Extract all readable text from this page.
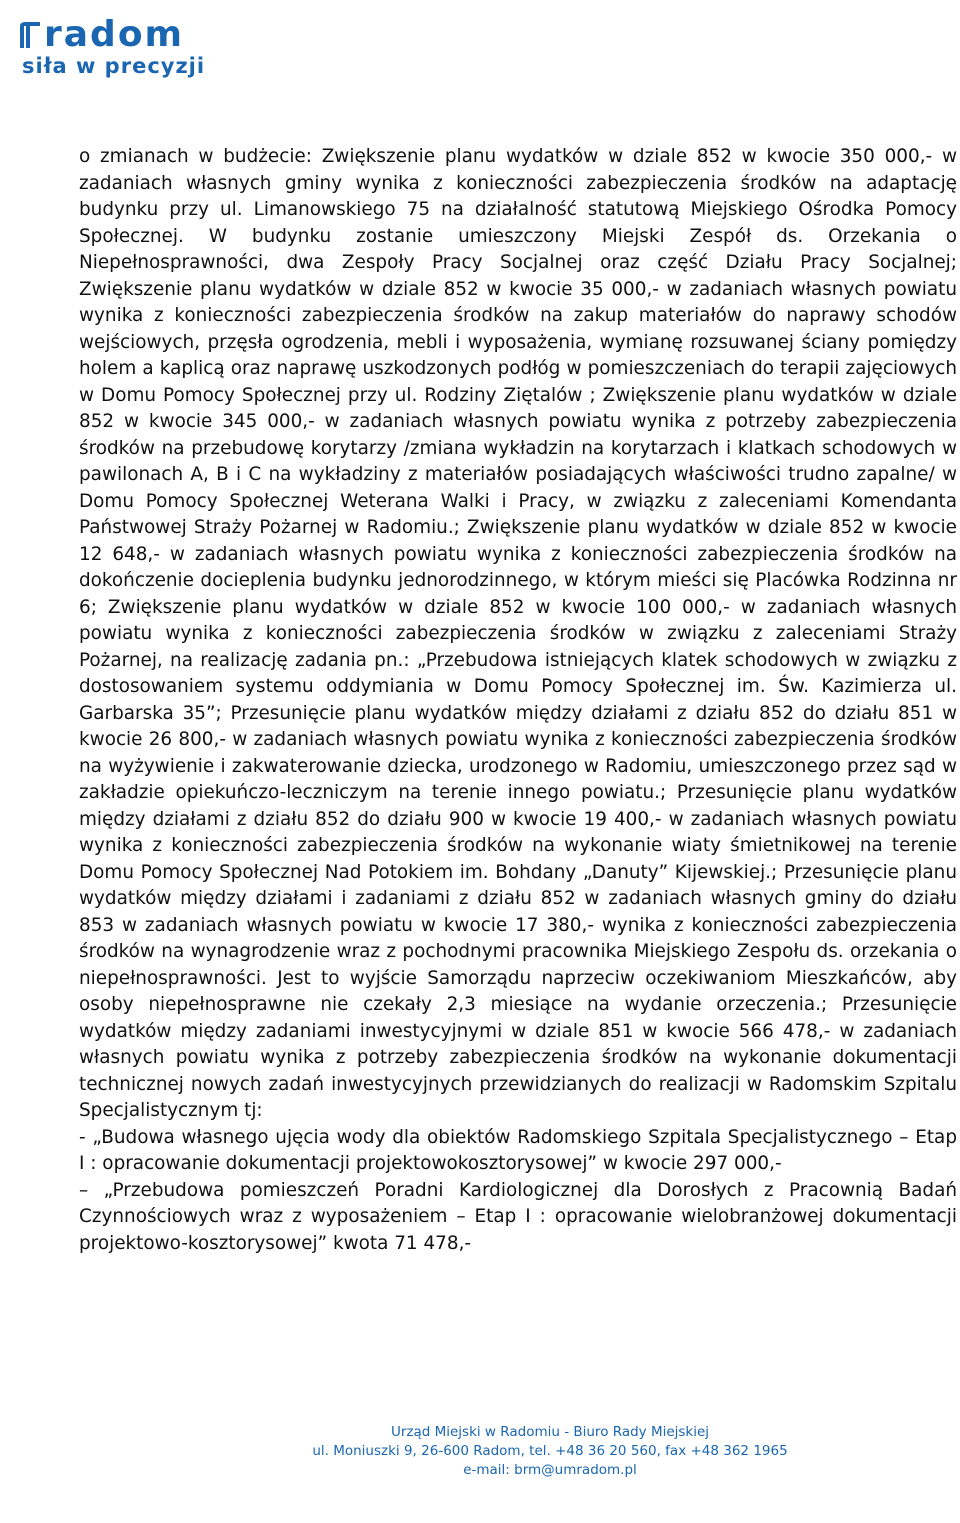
radom
siła w precyzji

o zmianach w budżecie: Zwiększenie planu wydatków w dziale 852 w kwocie 350 000,- w zadaniach własnych gminy wynika z konieczności zabezpieczenia środków na adaptację budynku przy ul. Limanowskiego 75 na działalność statutową Miejskiego Ośrodka Pomocy Społecznej. W budynku zostanie umieszczony Miejski Zespół ds. Orzekania o Niepełnosprawności, dwa Zespoły Pracy Socjalnej oraz część Działu Pracy Socjalnej; Zwiększenie planu wydatków w dziale 852 w kwocie 35 000,- w zadaniach własnych powiatu wynika z konieczności zabezpieczenia środków na zakup materiałów do naprawy schodów wejściowych, przęsła ogrodzenia, mebli i wyposażenia, wymianę rozsuwanej ściany pomiędzy holem a kaplicą oraz naprawę uszkodzonych podłóg w pomieszczeniach do terapii zajęciowych w Domu Pomocy Społecznej przy ul. Rodziny Ziętalów ; Zwiększenie planu wydatków w dziale 852 w kwocie 345 000,- w zadaniach własnych powiatu wynika z potrzeby zabezpieczenia środków na przebudowę korytarzy /zmiana wykładzin na korytarzach i klatkach schodowych w pawilonach A, B i C na wykładziny z materiałów posiadających właściwości trudno zapalne/ w Domu Pomocy Społecznej Weterana Walki i Pracy, w związku z zaleceniami Komendanta Państwowej Straży Pożarnej w Radomiu.; Zwiększenie planu wydatków w dziale 852 w kwocie 12 648,- w zadaniach własnych powiatu wynika z konieczności zabezpieczenia środków na dokończenie docieplenia budynku jednorodzinnego, w którym mieści się Placówka Rodzinna nr 6; Zwiększenie planu wydatków w dziale 852 w kwocie 100 000,- w zadaniach własnych powiatu wynika z konieczności zabezpieczenia środków w związku z zaleceniami Straży Pożarnej, na realizację zadania pn.: „Przebudowa istniejących klatek schodowych w związku z dostosowaniem systemu oddymiania w Domu Pomocy Społecznej im. Św. Kazimierza ul. Garbarska 35”; Przesunięcie planu wydatków między działami z działu 852 do działu 851 w kwocie 26 800,- w zadaniach własnych powiatu wynika z konieczności zabezpieczenia środków na wyżywienie i zakwaterowanie dziecka, urodzonego w Radomiu, umieszczonego przez sąd w zakładzie opiekuńczo-leczniczym na terenie innego powiatu.; Przesunięcie planu wydatków między działami z działu 852 do działu 900 w kwocie 19 400,- w zadaniach własnych powiatu wynika z konieczności zabezpieczenia środków na wykonanie wiaty śmietnikowej na terenie Domu Pomocy Społecznej Nad Potokiem im. Bohdany „Danuty” Kijewskiej.; Przesunięcie planu wydatków między działami i zadaniami z działu 852 w zadaniach własnych gminy do działu 853 w zadaniach własnych powiatu w kwocie 17 380,- wynika z konieczności zabezpieczenia środków na wynagrodzenie wraz z pochodnymi pracownika Miejskiego Zespołu ds. orzekania o niepełnosprawności. Jest to wyjście Samorządu naprzeciw oczekiwaniom Mieszkańców, aby osoby niepełnosprawne nie czekały 2,3 miesiące na wydanie orzeczenia.; Przesunięcie wydatków między zadaniami inwestycyjnymi w dziale 851 w kwocie 566 478,- w zadaniach własnych powiatu wynika z potrzeby zabezpieczenia środków na wykonanie dokumentacji technicznej nowych zadań inwestycyjnych przewidzianych do realizacji w Radomskim Szpitalu Specjalistycznym tj:

- „Budowa własnego ujęcia wody dla obiektów Radomskiego Szpitala Specjalistycznego – Etap I : opracowanie dokumentacji projektowokosztorysowej” w kwocie 297 000,-

– „Przebudowa pomieszczeń Poradni Kardiologicznej dla Dorosłych z Pracownią Badań Czynnościowych wraz z wyposażeniem – Etap I : opracowanie wielobranżowej dokumentacji projektowo-kosztorysowej” kwota 71 478,-

Urząd Miejski w Radomiu - Biuro Rady Miejskiej
ul. Moniuszki 9, 26-600 Radom, tel. +48 36 20 560, fax +48 362 1965
e-mail: brm@umradom.pl
